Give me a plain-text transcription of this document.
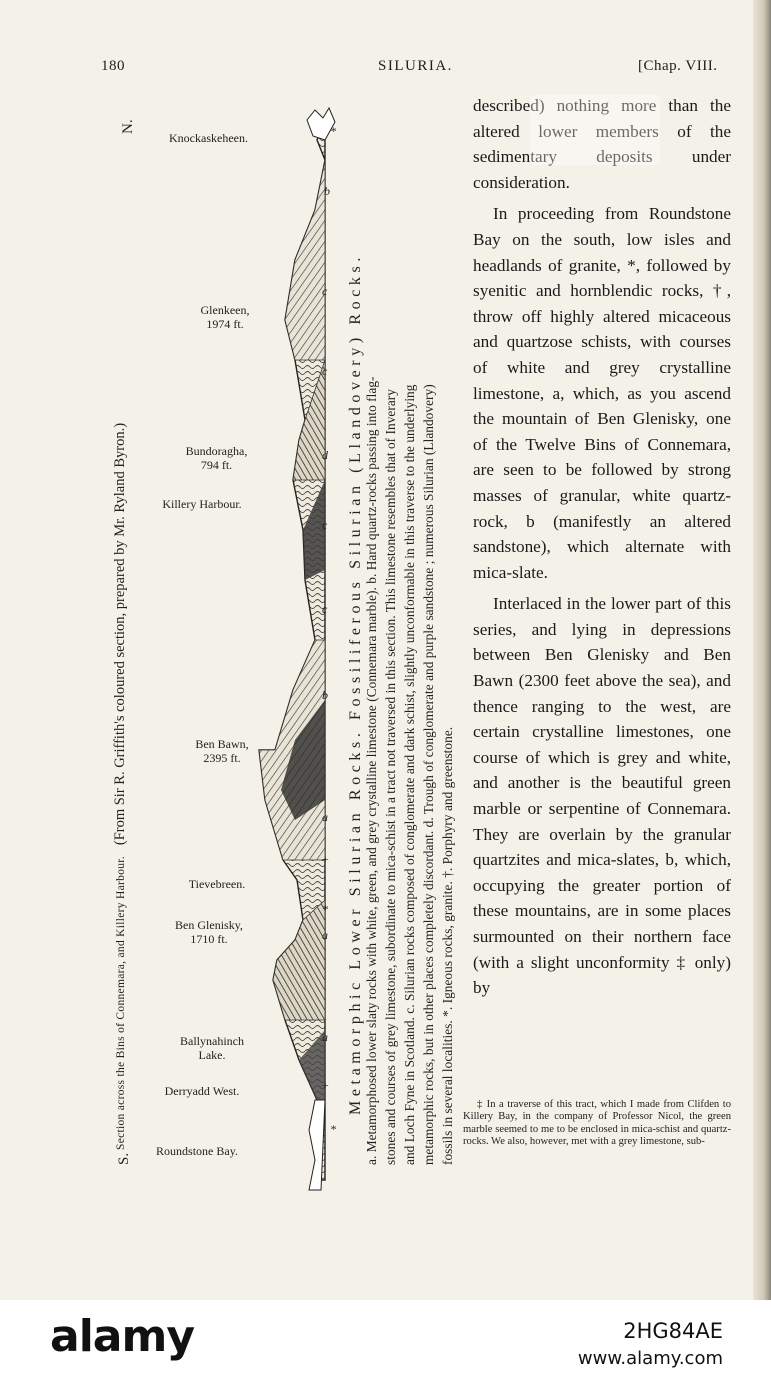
180	SILURIA.	[Chap. VIII.
Section across the Bins of Connemara, and Killery Harbour.   (From Sir R. Griffith's coloured section, prepared by Mr. Ryland Byron.)
S.
N.
Knockaskeheen.
Glenkeen,
1974 ft.
Bundoragha,
794 ft.
Killery Harbour.
Ben Bawn,
2395 ft.
Tievebreen.
Ben Glenisky,
1710 ft.
Ballynahinch
Lake.
Derryadd West.
Roundstone Bay.
*
b
c
c
d
c
c
b
a
+
*
a
a
+
*
Metamorphic Lower Silurian Rocks. Fossiliferous Silurian (Llandovery) Rocks. a. Metamorphosed lower slaty rocks with white, green, and grey crystalline limestone (Connemara marble). b. Hard quartz-rocks passing into flag- stones and courses of grey limestone, subordinate to mica-schist in a tract not traversed in this section. This limestone resembles that of Inverary and Loch Fyne in Scotland. c. Silurian rocks composed of conglomerate and dark schist, slightly unconformable in this traverse to the underlying metamorphic rocks, but in other places completely discordant. d. Trough of conglomerate and purple sandstone ; numerous Silurian (Llandovery) fossils in several localities. *. Igneous rocks, granite. †. Porphyry and greenstone.

described) nothing more than the altered lower members of the sedimentary deposits under consideration.

In proceeding from Roundstone Bay on the south, low isles and headlands of granite, *, followed by syenitic and hornblendic rocks, †, throw off highly altered micaceous and quartzose schists, with courses of white and grey crystalline limestone, a, which, as you ascend the mountain of Ben Glenisky, one of the Twelve Bins of Connemara, are seen to be followed by strong masses of granular, white quartz-rock, b (manifestly an altered sandstone), which alternate with mica-slate.

Interlaced in the lower part of this series, and lying in depressions between Ben Glenisky and Ben Bawn (2300 feet above the sea), and thence ranging to the west, are certain crystalline limestones, one course of which is grey and white, and another is the beautiful green marble or serpentine of Connemara. They are overlain by the granular quartzites and mica-slates, b, which, occupying the greater portion of these mountains, are in some places surmounted on their northern face (with a slight unconformity ‡ only) by

‡ In a traverse of this tract, which I made from Clifden to Killery Bay, in the company of Professor Nicol, the green marble seemed to me to be enclosed in mica-schist and quartz-rocks. We also, however, met with a grey limestone, sub-

alamy	2HG84AE
www.alamy.com
